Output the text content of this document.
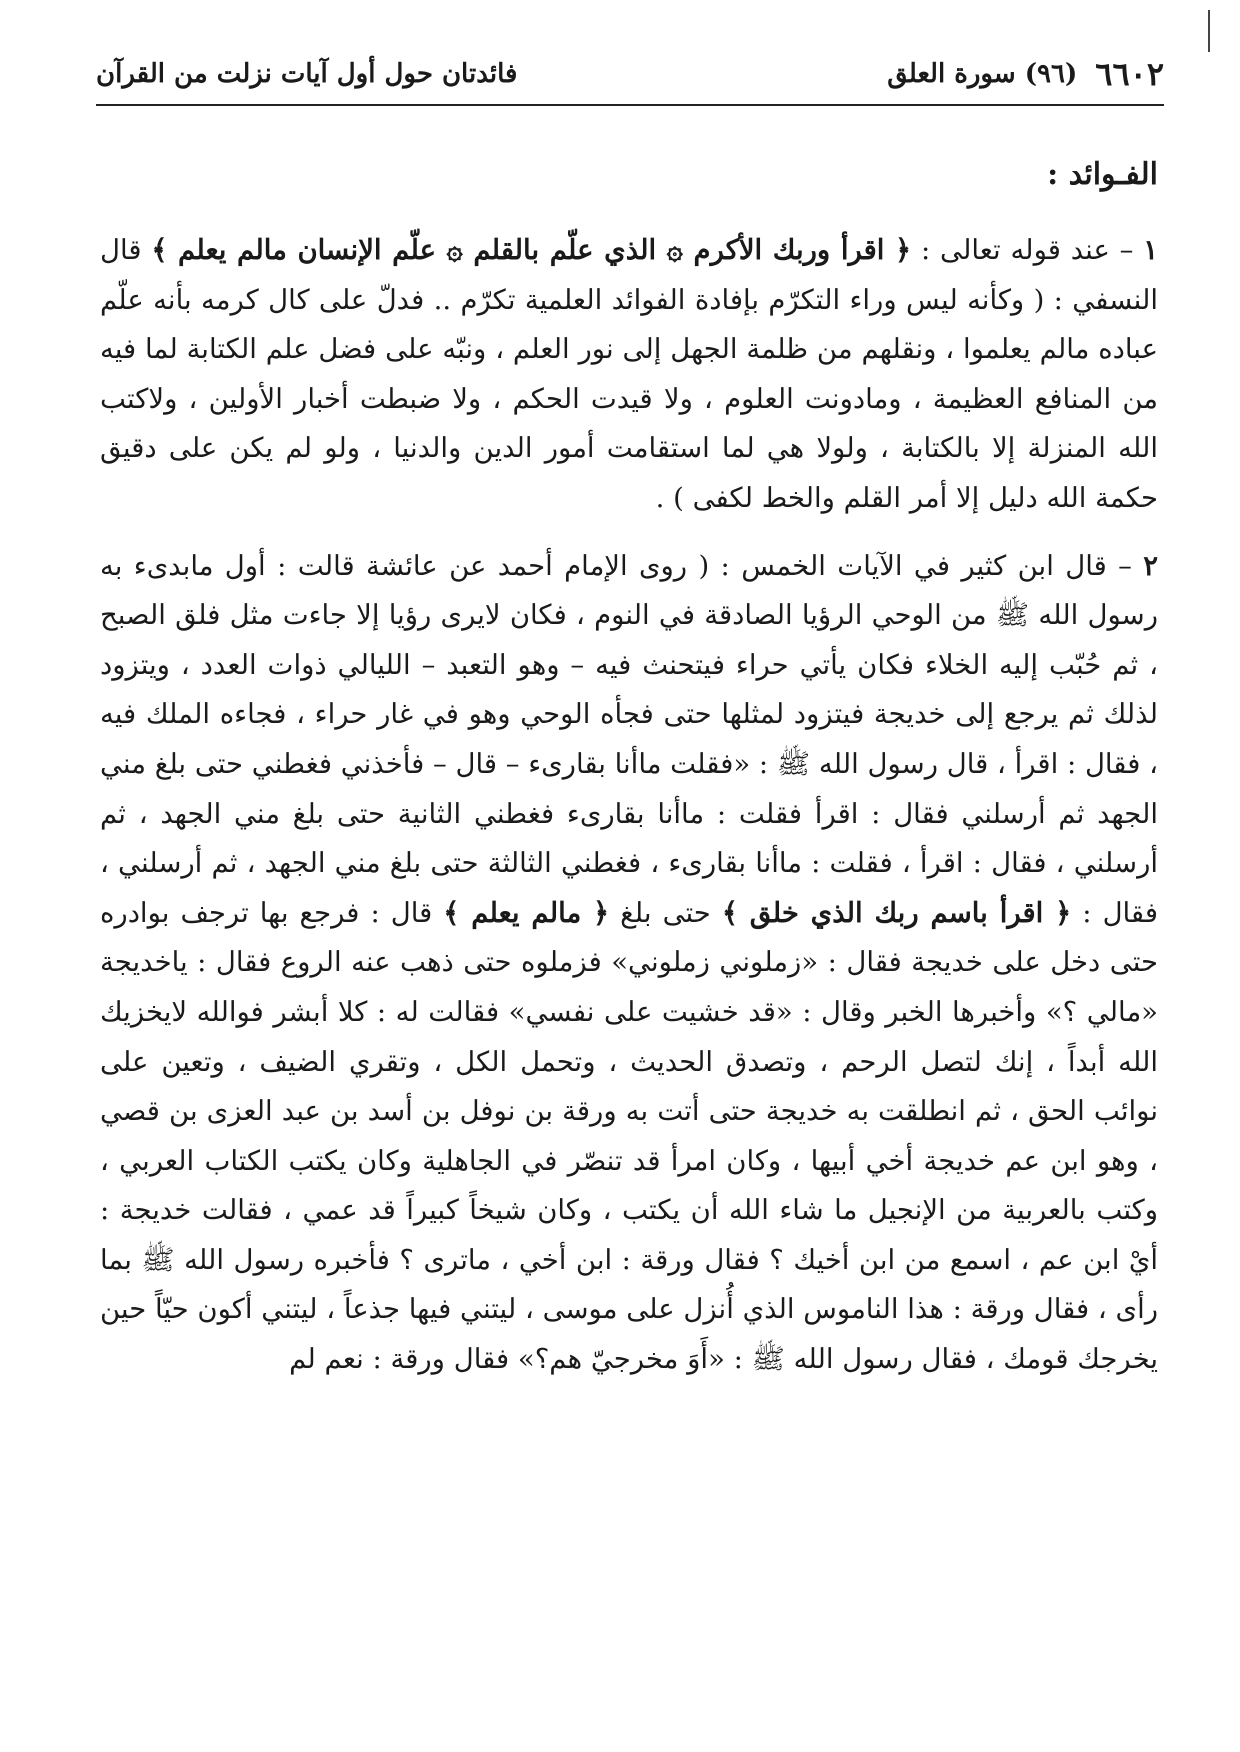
٦٦٠٢
(٩٦) سورة العلق
فائدتان حول أول آيات نزلت من القرآن
الفـوائد :

١ – عند قوله تعالى : ﴿ اقرأ وربك الأكرم ۞ الذي علّم بالقلم ۞ علّم الإنسان مالم يعلم ﴾ قال النسفي : ( وكأنه ليس وراء التكرّم بإفادة الفوائد العلمية تكرّم .. فدلّ على كال كرمه بأنه علّم عباده مالم يعلموا ، ونقلهم من ظلمة الجهل إلى نور العلم ، ونبّه على فضل علم الكتابة لما فيه من المنافع العظيمة ، ومادونت العلوم ، ولا قيدت الحكم ، ولا ضبطت أخبار الأولين ، ولاكتب الله المنزلة إلا بالكتابة ، ولولا هي لما استقامت أمور الدين والدنيا ، ولو لم يكن على دقيق حكمة الله دليل إلا أمر القلم والخط لكفى ) .

٢ – قال ابن كثير في الآيات الخمس : ( روى الإمام أحمد عن عائشة قالت : أول مابدىء به رسول الله ﷺ من الوحي الرؤيا الصادقة في النوم ، فكان لايرى رؤيا إلا جاءت مثل فلق الصبح ، ثم حُبّب إليه الخلاء فكان يأتي حراء فيتحنث فيه – وهو التعبد – الليالي ذوات العدد ، ويتزود لذلك ثم يرجع إلى خديجة فيتزود لمثلها حتى فجأه الوحي وهو في غار حراء ، فجاءه الملك فيه ، فقال : اقرأ ، قال رسول الله ﷺ : «فقلت ماأنا بقارىء – قال – فأخذني فغطني حتى بلغ مني الجهد ثم أرسلني فقال : اقرأ فقلت : ماأنا بقارىء فغطني الثانية حتى بلغ مني الجهد ، ثم أرسلني ، فقال : اقرأ ، فقلت : ماأنا بقارىء ، فغطني الثالثة حتى بلغ مني الجهد ، ثم أرسلني ، فقال : ﴿ اقرأ باسم ربك الذي خلق ﴾ حتى بلغ ﴿ مالم يعلم ﴾ قال : فرجع بها ترجف بوادره حتى دخل على خديجة فقال : «زملوني زملوني» فزملوه حتى ذهب عنه الروع فقال : ياخديجة «مالي ؟» وأخبرها الخبر وقال : «قد خشيت على نفسي» فقالت له : كلا أبشر فوالله لايخزيك الله أبداً ، إنك لتصل الرحم ، وتصدق الحديث ، وتحمل الكل ، وتقري الضيف ، وتعين على نوائب الحق ، ثم انطلقت به خديجة حتى أتت به ورقة بن نوفل بن أسد بن عبد العزى بن قصي ، وهو ابن عم خديجة أخي أبيها ، وكان امرأ قد تنصّر في الجاهلية وكان يكتب الكتاب العربي ، وكتب بالعربية من الإنجيل ما شاء الله أن يكتب ، وكان شيخاً كبيراً قد عمي ، فقالت خديجة : أيْ ابن عم ، اسمع من ابن أخيك ؟ فقال ورقة : ابن أخي ، ماترى ؟ فأخبره رسول الله ﷺ بما رأى ، فقال ورقة : هذا الناموس الذي أُنزل على موسى ، ليتني فيها جذعاً ، ليتني أكون حيّاً حين يخرجك قومك ، فقال رسول الله ﷺ : «أَوَ مخرجيّ هم؟» فقال ورقة : نعم لم
